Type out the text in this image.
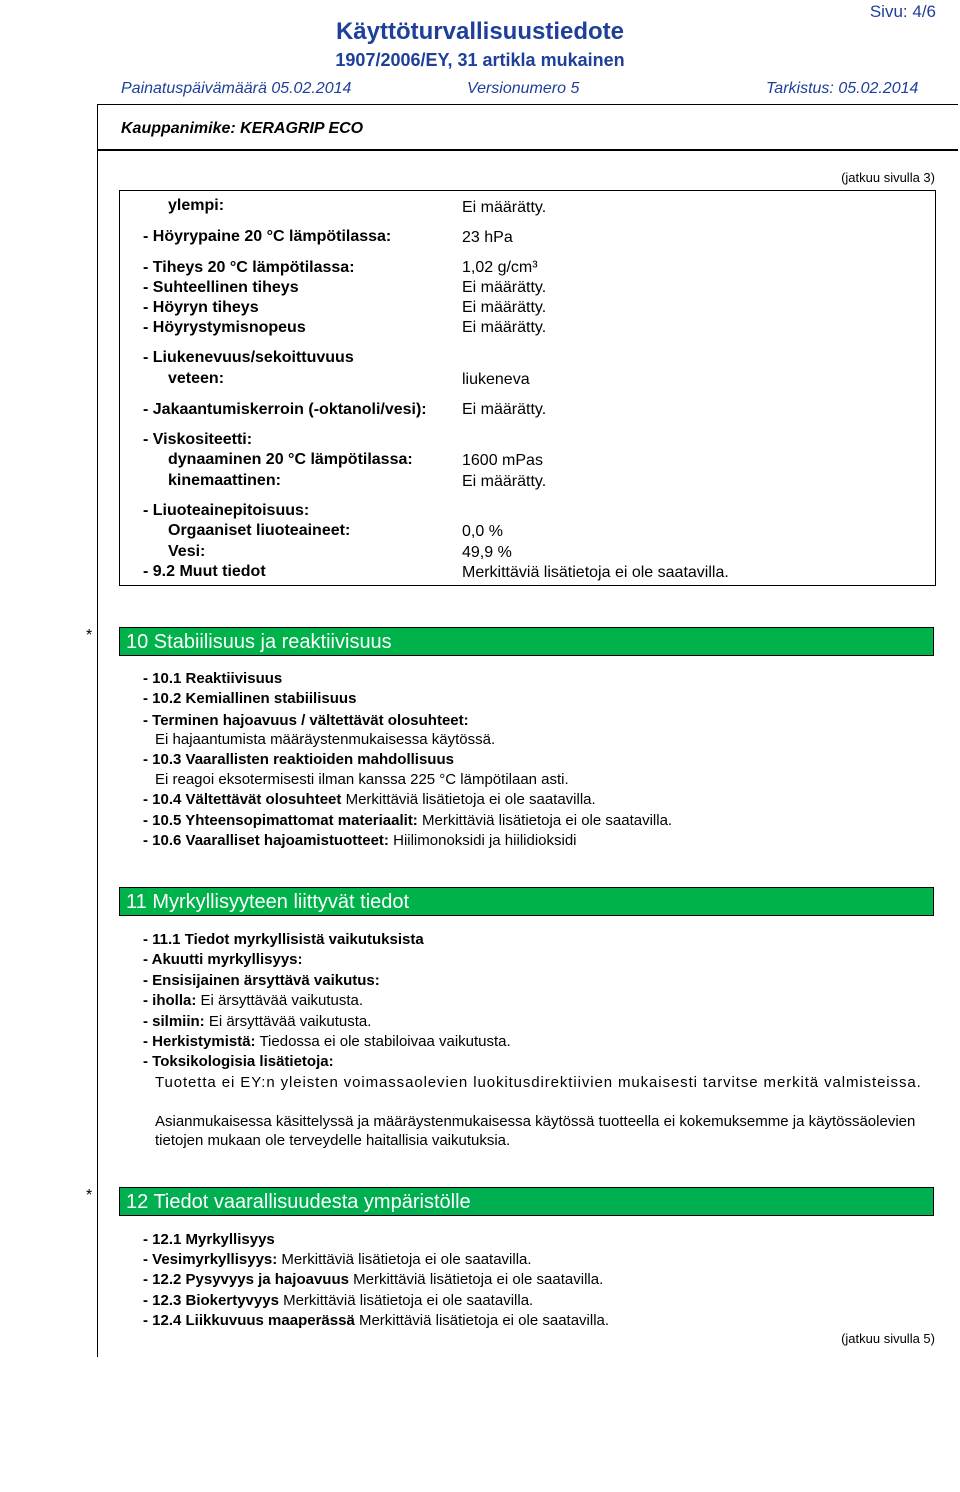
Käyttöturvallisuustiedote
1907/2006/EY, 31 artikla mukainen
Sivu: 4/6
Painatuspäivämäärä 05.02.2014	Versionumero 5	Tarkistus: 05.02.2014
Kauppanimike: KERAGRIP ECO
(jatkuu sivulla 3)
ylempi:	Ei määrätty.
- Höyrypaine 20 °C lämpötilassa:	23 hPa
- Tiheys 20 °C lämpötilassa:	1,02 g/cm³
- Suhteellinen tiheys	Ei määrätty.
- Höyryn tiheys	Ei määrätty.
- Höyrystymisnopeus	Ei määrätty.
- Liukenevuus/sekoittuvuus
veteen:	liukeneva
- Jakaantumiskerroin (-oktanoli/vesi): Ei määrätty.
- Viskositeetti:
dynaaminen 20 °C lämpötilassa:	1600 mPas
kinemaattinen:	Ei määrätty.
- Liuoteainepitoisuus:
Orgaaniset liuoteaineet:	0,0 %
Vesi:	49,9 %
- 9.2 Muut tiedot	Merkittäviä lisätietoja ei ole saatavilla.
*	10 Stabiilisuus ja reaktiivisuus
- 10.1 Reaktiivisuus
- 10.2 Kemiallinen stabiilisuus
- Terminen hajoavuus / vältettävät olosuhteet:
Ei hajaantumista määräystenmukaisessa käytössä.
- 10.3 Vaarallisten reaktioiden mahdollisuus
Ei reagoi eksotermisesti ilman kanssa 225 °C lämpötilaan asti.
- 10.4 Vältettävät olosuhteet Merkittäviä lisätietoja ei ole saatavilla.
- 10.5 Yhteensopimattomat materiaalit: Merkittäviä lisätietoja ei ole saatavilla.
- 10.6 Vaaralliset hajoamistuotteet: Hiilimonoksidi ja hiilidioksidi
11 Myrkyllisyyteen liittyvät tiedot
- 11.1 Tiedot myrkyllisistä vaikutuksista
- Akuutti myrkyllisyys:
- Ensisijainen ärsyttävä vaikutus:
- iholla: Ei ärsyttävää vaikutusta.
- silmiin: Ei ärsyttävää vaikutusta.
- Herkistymistä: Tiedossa ei ole stabiloivaa vaikutusta.
- Toksikologisia lisätietoja:
Tuotetta ei EY:n yleisten voimassaolevien luokitusdirektiivien mukaisesti tarvitse merkitä valmisteissa.
Asianmukaisessa käsittelyssä ja määräystenmukaisessa käytössä tuotteella ei kokemuksemme ja käytössäolevien tietojen mukaan ole terveydelle haitallisia vaikutuksia.
*	12 Tiedot vaarallisuudesta ympäristölle
- 12.1 Myrkyllisyys
- Vesimyrkyllisyys: Merkittäviä lisätietoja ei ole saatavilla.
- 12.2 Pysyvyys ja hajoavuus Merkittäviä lisätietoja ei ole saatavilla.
- 12.3 Biokertyvyys Merkittäviä lisätietoja ei ole saatavilla.
- 12.4 Liikkuvuus maaperässä Merkittäviä lisätietoja ei ole saatavilla.
(jatkuu sivulla 5)
